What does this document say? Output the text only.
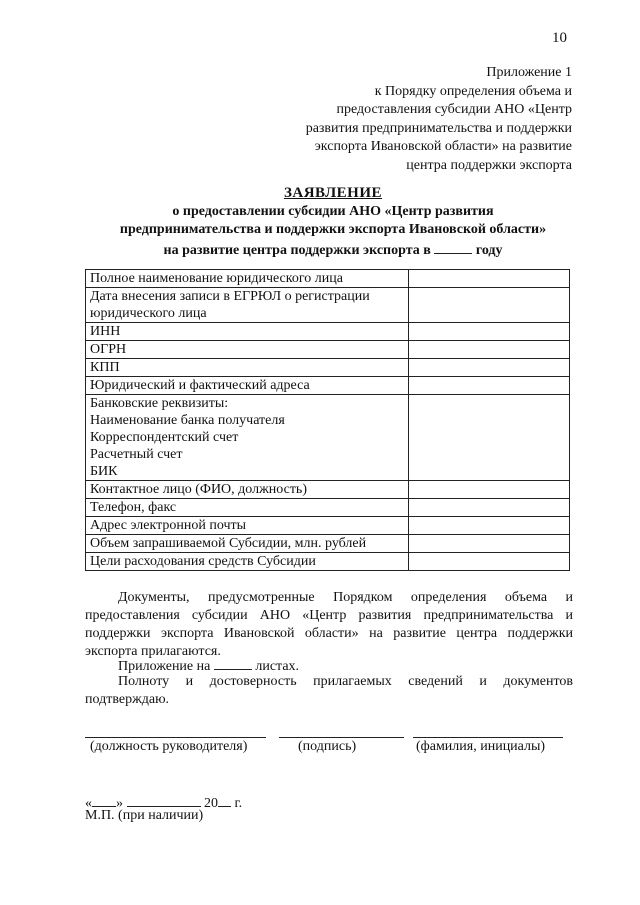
10
Приложение 1
к Порядку определения объема и
предоставления субсидии АНО «Центр
развития предпринимательства и поддержки
экспорта Ивановской области» на развитие
центра поддержки экспорта
ЗАЯВЛЕНИЕ
о предоставлении субсидии АНО «Центр развития
предпринимательства и поддержки экспорта Ивановской области»
на развитие центра поддержки экспорта в	году
Полное наименование юридического лица	

Дата внесения записи в ЕГРЮЛ о регистрации
юридического лица	

ИНН	

ОГРН	

КПП	

Юридический и фактический адреса	

Банковские реквизиты:
Наименование банка получателя
Корреспондентский счет
Расчетный счет
БИК	

Контактное лицо (ФИО, должность)	

Телефон, факс	

Адрес электронной почты	

Объем запрашиваемой Субсидии, млн. рублей	

Цели расходования средств Субсидии	

Документы, предусмотренные Порядком определения объема и предоставления субсидии АНО «Центр развития предпринимательства и поддержки экспорта Ивановской области» на развитие центра поддержки экспорта прилагаются.
Приложение на	листах.
Полноту и достоверность прилагаемых сведений и документов
подтверждаю.
(должность руководителя)	(подпись)	(фамилия, инициалы)
« »	20 г.
М.П. (при наличии)
